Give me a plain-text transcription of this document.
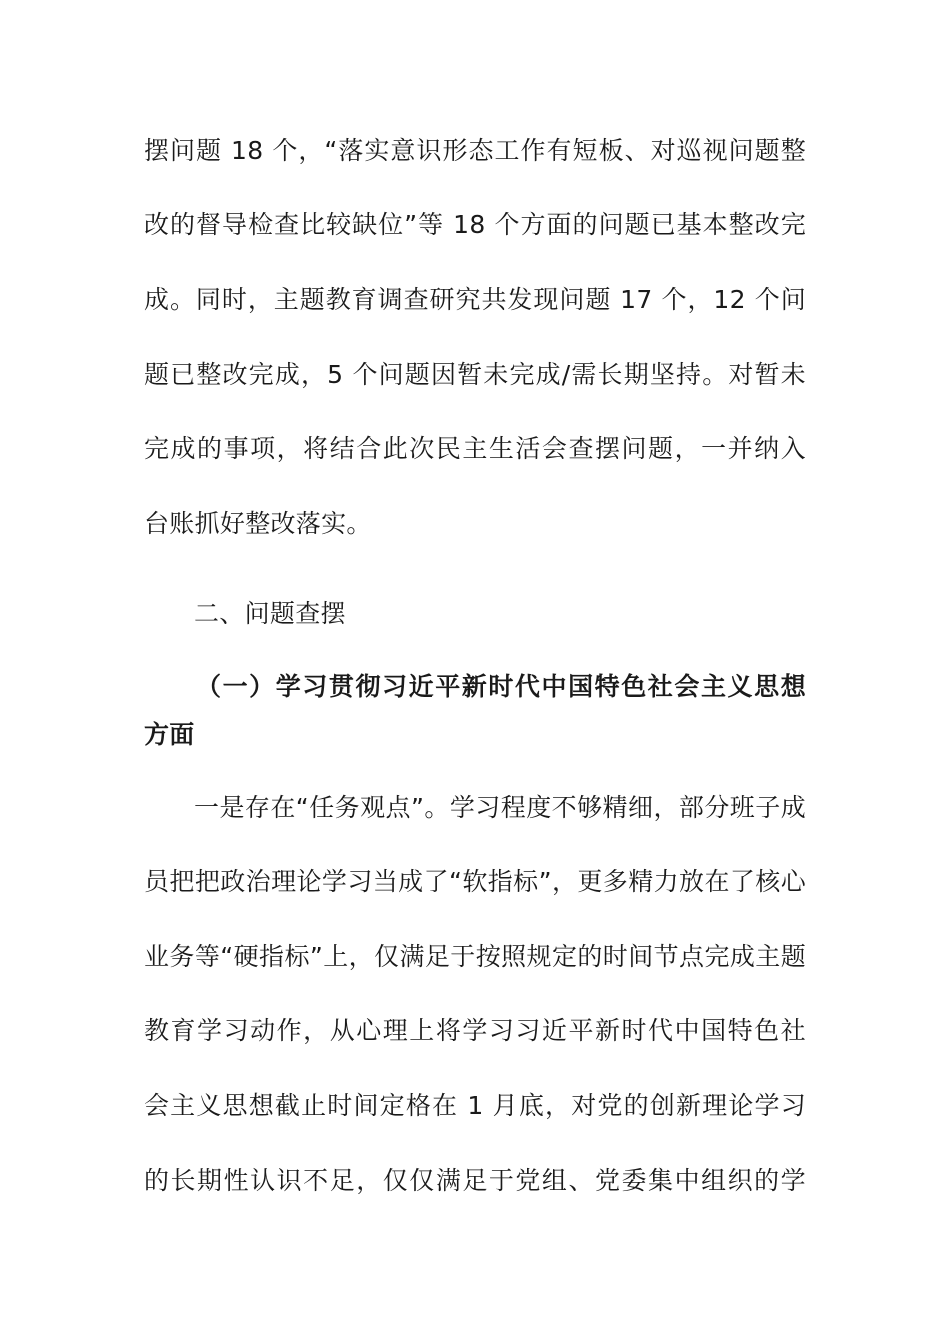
摆问题 18 个，“落实意识形态工作有短板、对巡视问题整
改的督导检查比较缺位”等 18 个方面的问题已基本整改完
成。同时，主题教育调查研究共发现问题 17 个，12 个问
题已整改完成，5 个问题因暂未完成/需长期坚持。对暂未
完成的事项，将结合此次民主生活会查摆问题，一并纳入
台账抓好整改落实。
二、问题查摆
（一）学习贯彻习近平新时代中国特色社会主义思想
方面
一是存在“任务观点”。学习程度不够精细，部分班子成
员把把政治理论学习当成了“软指标”，更多精力放在了核心
业务等“硬指标”上，仅满足于按照规定的时间节点完成主题
教育学习动作，从心理上将学习习近平新时代中国特色社
会主义思想截止时间定格在 1 月底，对党的创新理论学习
的长期性认识不足，仅仅满足于党组、党委集中组织的学
